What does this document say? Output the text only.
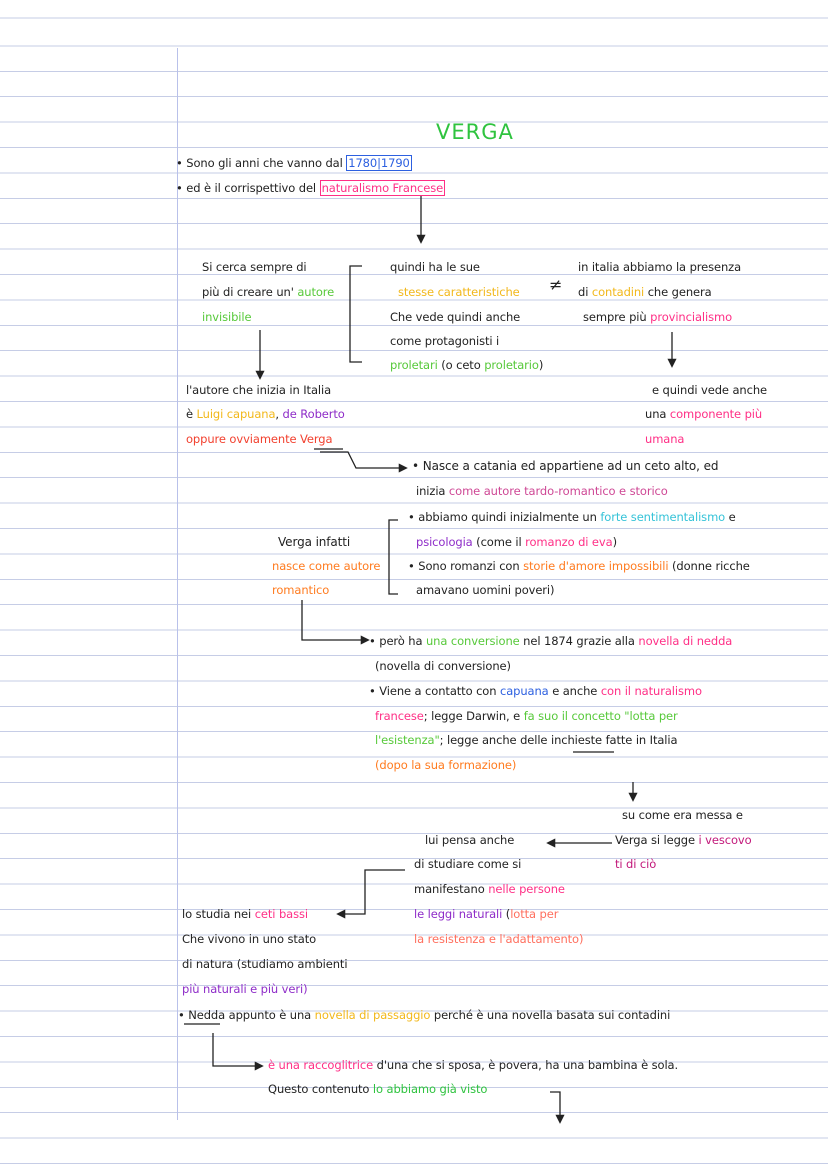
VERGA
• Sono gli anni che vanno dal 1780|1790
• ed è il corrispettivo del naturalismo Francese
Si cerca sempre di
più di creare un' autore
invisibile
quindi ha le sue
stesse caratteristiche
Che vede quindi anche
come protagonisti i
proletari (o ceto proletario)
≠
in italia abbiamo la presenza
di contadini che genera
sempre più provincialismo
l'autore che inizia in Italia
è Luigi capuana, de Roberto
oppure ovviamente Verga
e quindi vede anche
una componente più
umana
• Nasce a catania ed appartiene ad un ceto alto, ed
inizia come autore tardo-romantico e storico
• abbiamo quindi inizialmente un forte sentimentalismo e
psicologia (come il romanzo di eva)
• Sono romanzi con storie d'amore impossibili (donne ricche
amavano uomini poveri)
Verga infatti
nasce come autore
romantico
• però ha una conversione nel 1874 grazie alla novella di nedda
(novella di conversione)
• Viene a contatto con capuana e anche con il naturalismo
francese; legge Darwin, e fa suo il concetto "lotta per
l'esistenza"; legge anche delle inchieste fatte in Italia
(dopo la sua formazione)
su come era messa e
Verga si legge i vescovo
ti di ciò
lui pensa anche
di studiare come si
manifestano nelle persone
le leggi naturali (lotta per
la resistenza e l'adattamento)
lo studia nei ceti bassi
Che vivono in uno stato
di natura (studiamo ambienti
più naturali e più veri)
• Nedda appunto è una novella di passaggio perché è una novella basata sui contadini
è una raccoglitrice d'una che si sposa, è povera, ha una bambina è sola.
Questo contenuto lo abbiamo già visto
